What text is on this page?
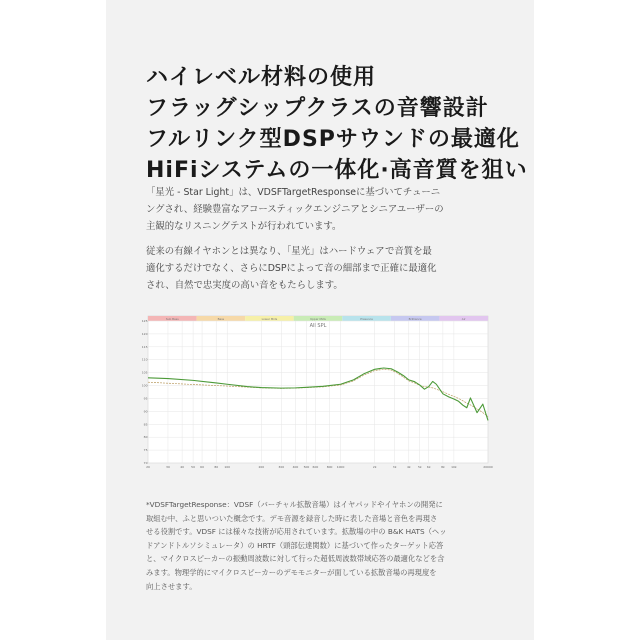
ハイレベル材料の使用
フラッグシップクラスの音響設計
フルリンク型DSPサウンドの最適化
HiFiシステムの一体化·高音質を狙い
「星光 - Star Light」は、VDSFTargetResponseに基づいてチューニ
ングされ、経験豊富なアコースティックエンジニアとシニアユーザーの
主観的なリスニングテストが行われています。
従来の有線イヤホンとは異なり、「星光」はハードウェアで音質を最
適化するだけでなく、さらにDSPによって音の細部まで正確に最適化
され、自然で忠実度の高い音をもたらします。
Sub Bass	Bass	Lower Mids	Upper Mids	Presence	Brilliance	Air
125
120
115
110
105
100
95
90
85
80
75
70
20	30	40 50 60	80 100	200	300	400 500 600	800 1000	2k	3k	4k 5k 6k	8k 10k	20000
All SPL
*VDSFTargetResponse：VDSF（バーチャル拡散音場）はイヤパッドやイヤホンの開発に
取組む中、ふと思いついた概念です。デモ音源を録音した時に表した音場と音色を再現さ
せる役割です。VDSF には様々な技術が応用されています。拡散場の中の B&K HATS（ヘッ
ドアンドトルソシミュレータ）の HRTF（頭部伝達関数）に基づいて作ったターゲット応答
と、マイクロスピーカーの振動周波数に対して行った超低周波数帯域応答の最適化などを含
みます。物理学的にマイクロスピーカーのデモモニターが面している拡散音場の再現度を
向上させます。
